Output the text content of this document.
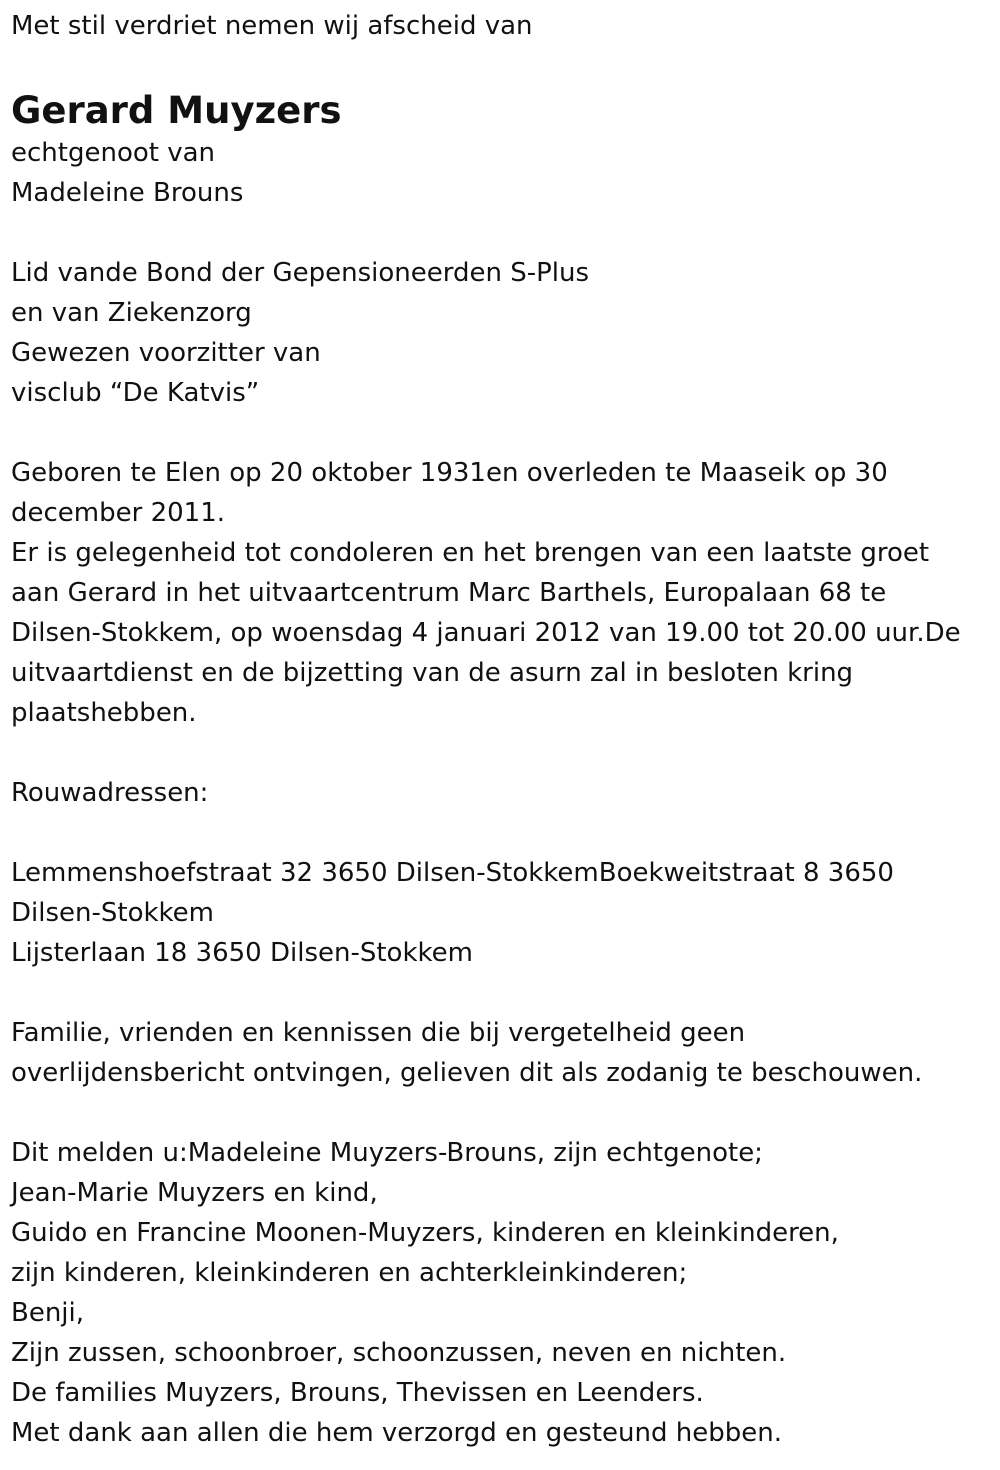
Met stil verdriet nemen wij afscheid van
Gerard Muyzers
echtgenoot van
Madeleine Brouns
Lid vande Bond der Gepensioneerden S-Plus
en van Ziekenzorg
Gewezen voorzitter van
visclub “De Katvis”
Geboren te Elen op 20 oktober 1931en overleden te Maaseik op 30
december 2011.
Er is gelegenheid tot condoleren en het brengen van een laatste groet
aan Gerard in het uitvaartcentrum Marc Barthels, Europalaan 68 te
Dilsen-Stokkem, op woensdag 4 januari 2012 van 19.00 tot 20.00 uur.De
uitvaartdienst en de bijzetting van de asurn zal in besloten kring
plaatshebben.
Rouwadressen:
Lemmenshoefstraat 32 3650 Dilsen-StokkemBoekweitstraat 8 3650
Dilsen-Stokkem
Lijsterlaan 18 3650 Dilsen-Stokkem
Familie, vrienden en kennissen die bij vergetelheid geen
overlijdensbericht ontvingen, gelieven dit als zodanig te beschouwen.
Dit melden u:Madeleine Muyzers-Brouns, zijn echtgenote;
Jean-Marie Muyzers en kind,
Guido en Francine Moonen-Muyzers, kinderen en kleinkinderen,
zijn kinderen, kleinkinderen en achterkleinkinderen;
Benji,
Zijn zussen, schoonbroer, schoonzussen, neven en nichten.
De families Muyzers, Brouns, Thevissen en Leenders.
Met dank aan allen die hem verzorgd en gesteund hebben.
